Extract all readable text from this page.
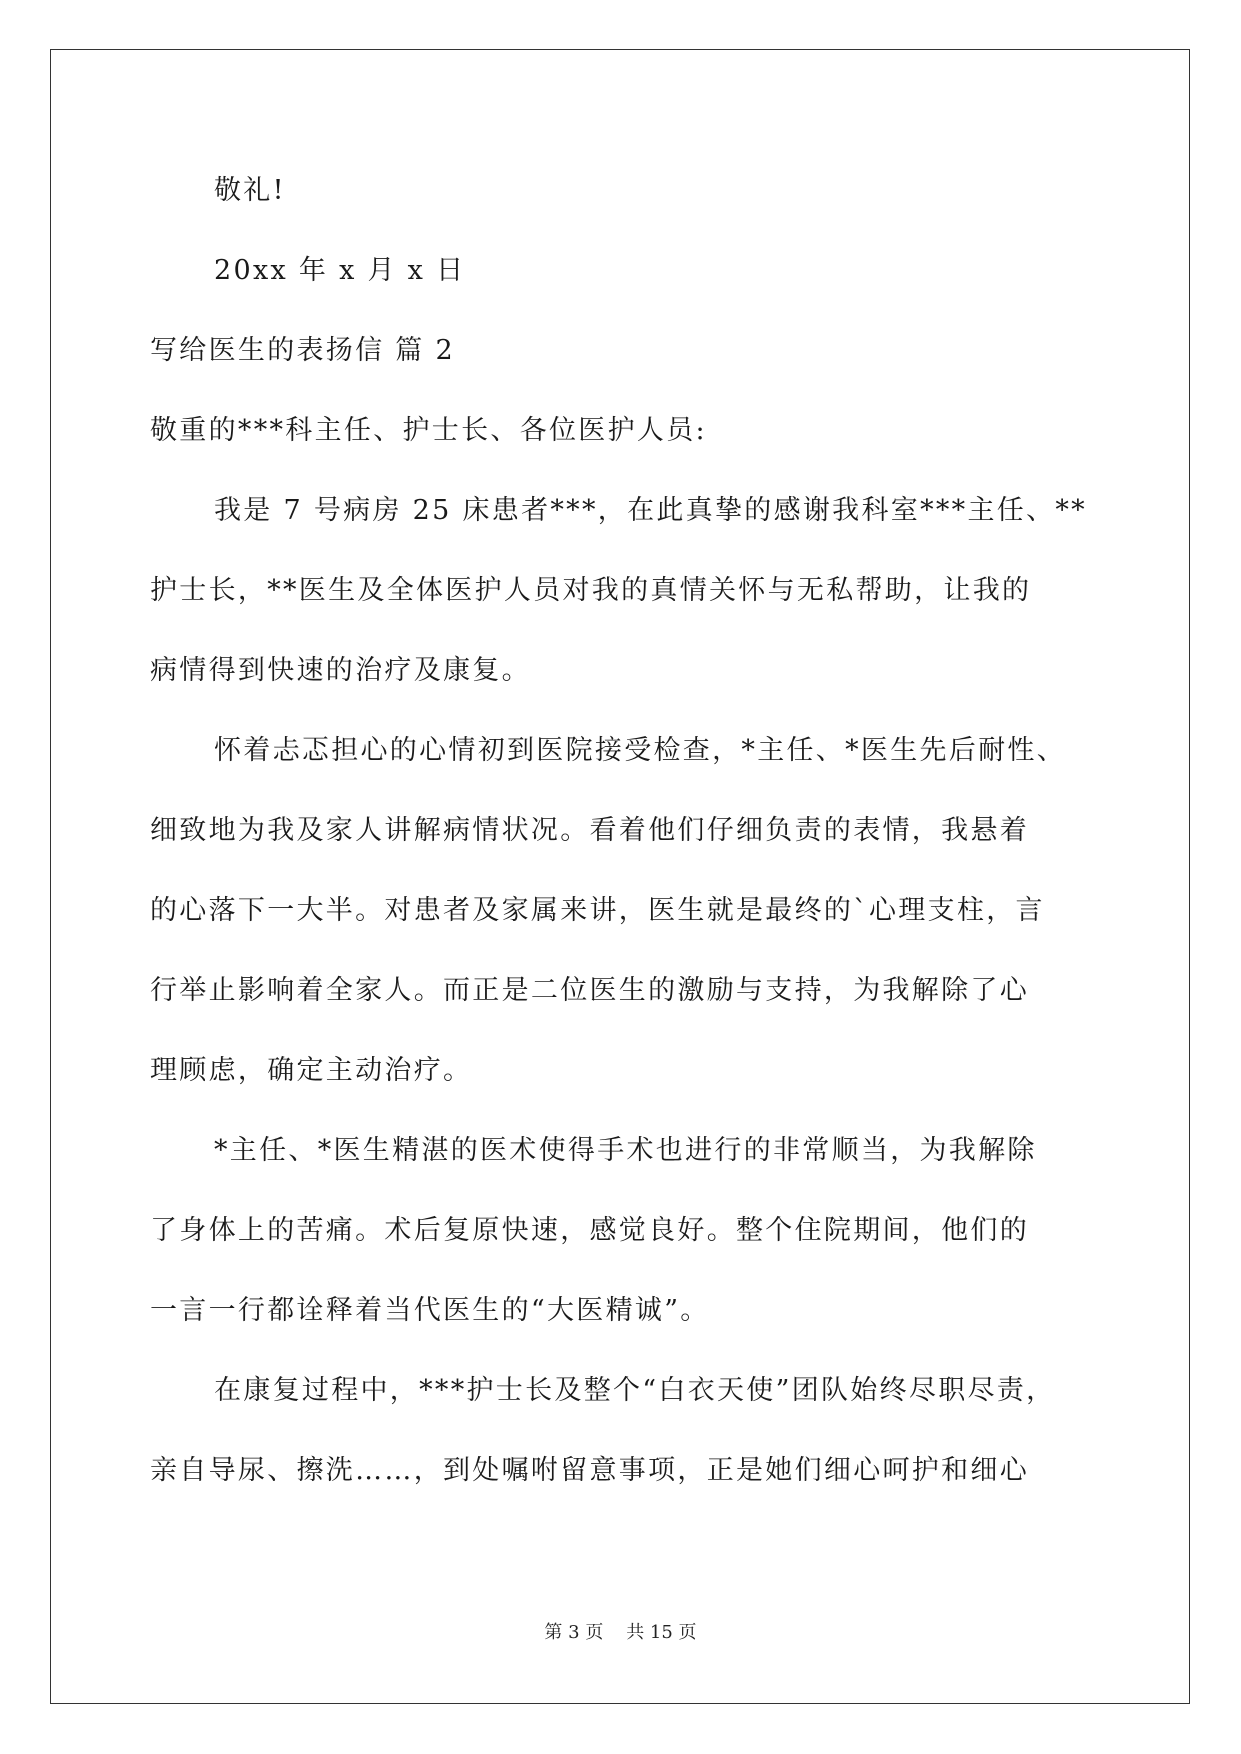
敬礼!
20xx 年 x 月 x 日
写给医生的表扬信 篇 2
敬重的***科主任、护士长、各位医护人员:
我是 7 号病房 25 床患者***，在此真挚的感谢我科室***主任、**
护士长，**医生及全体医护人员对我的真情关怀与无私帮助，让我的
病情得到快速的治疗及康复。
怀着忐忑担心的心情初到医院接受检查，*主任、*医生先后耐性、
细致地为我及家人讲解病情状况。看着他们仔细负责的表情，我悬着
的心落下一大半。对患者及家属来讲，医生就是最终的`心理支柱，言
行举止影响着全家人。而正是二位医生的激励与支持，为我解除了心
理顾虑，确定主动治疗。
*主任、*医生精湛的医术使得手术也进行的非常顺当，为我解除
了身体上的苦痛。术后复原快速，感觉良好。整个住院期间，他们的
一言一行都诠释着当代医生的“大医精诚”。
在康复过程中，***护士长及整个“白衣天使”团队始终尽职尽责，
亲自导尿、擦洗……，到处嘱咐留意事项，正是她们细心呵护和细心
第 3 页    共 15 页
